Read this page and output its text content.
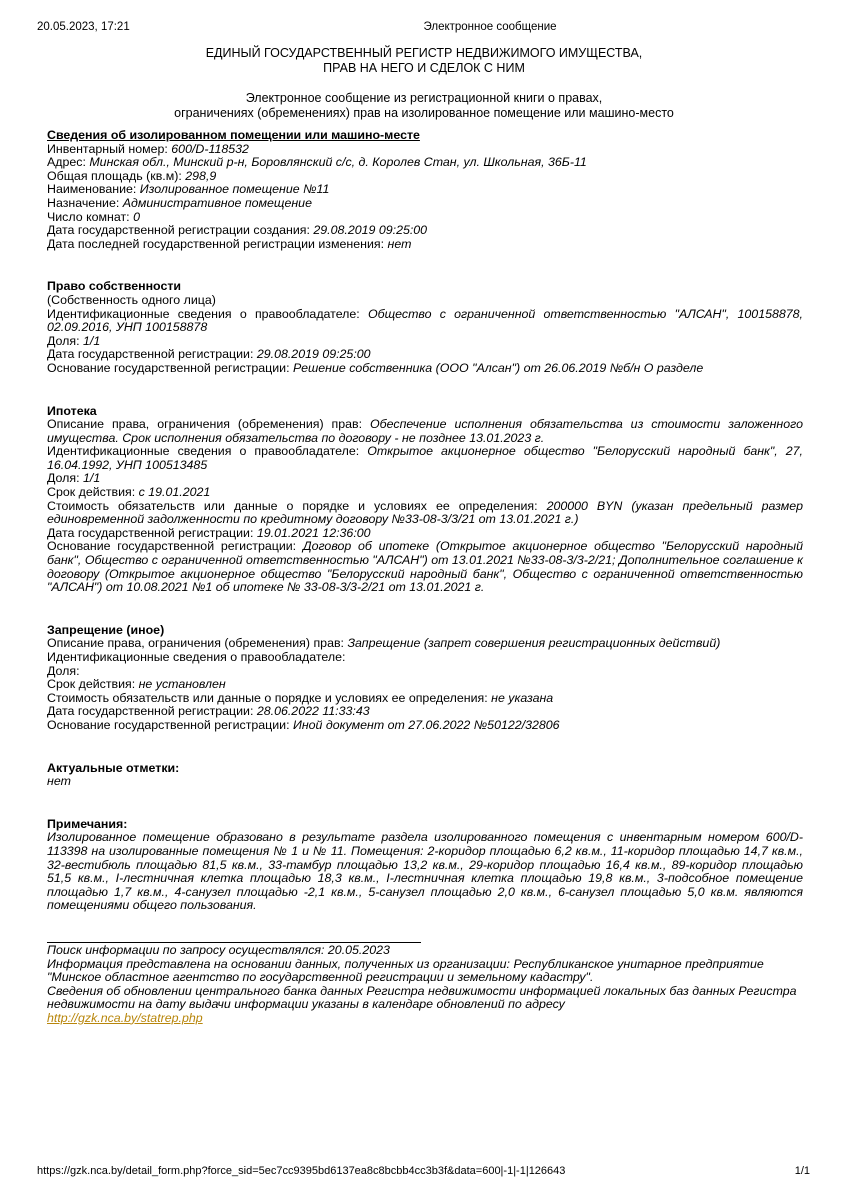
20.05.2023, 17:21	Электронное сообщение
ЕДИНЫЙ ГОСУДАРСТВЕННЫЙ РЕГИСТР НЕДВИЖИМОГО ИМУЩЕСТВА,
ПРАВ НА НЕГО И СДЕЛОК С НИМ
Электронное сообщение из регистрационной книги о правах,
ограничениях (обременениях) прав на изолированное помещение или машино-место
Сведения об изолированном помещении или машино-месте
Инвентарный номер: 600/D-118532
Адрес: Минская обл., Минский р-н, Боровлянский с/с, д. Королев Стан, ул. Школьная, 36Б-11
Общая площадь (кв.м): 298,9
Наименование: Изолированное помещение №11
Назначение: Административное помещение
Число комнат: 0
Дата государственной регистрации создания: 29.08.2019 09:25:00
Дата последней государственной регистрации изменения: нет
Право собственности
(Собственность одного лица)
Идентификационные сведения о правообладателе: Общество с ограниченной ответственностью "АЛСАН", 100158878, 02.09.2016, УНП 100158878
Доля: 1/1
Дата государственной регистрации: 29.08.2019 09:25:00
Основание государственной регистрации: Решение собственника (ООО "Алсан") от 26.06.2019 №б/н О разделе
Ипотека
Описание права, ограничения (обременения) прав: Обеспечение исполнения обязательства из стоимости заложенного имущества. Срок исполнения обязательства по договору - не позднее 13.01.2023 г.
Идентификационные сведения о правообладателе: Открытое акционерное общество "Белорусский народный банк", 27, 16.04.1992, УНП 100513485
Доля: 1/1
Срок действия: с 19.01.2021
Стоимость обязательств или данные о порядке и условиях ее определения: 200000 BYN (указан предельный размер единовременной задолженности по кредитному договору №33-08-3/3/21 от 13.01.2021 г.)
Дата государственной регистрации: 19.01.2021 12:36:00
Основание государственной регистрации: Договор об ипотеке (Открытое акционерное общество "Белорусский народный банк", Общество с ограниченной ответственностью "АЛСАН") от 13.01.2021 №33-08-3/3-2/21; Дополнительное соглашение к договору (Открытое акционерное общество "Белорусский народный банк", Общество с ограниченной ответственностью "АЛСАН") от 10.08.2021 №1 об ипотеке № 33-08-3/3-2/21 от 13.01.2021 г.
Запрещение (иное)
Описание права, ограничения (обременения) прав: Запрещение (запрет совершения регистрационных действий)
Идентификационные сведения о правообладателе:
Доля:
Срок действия: не установлен
Стоимость обязательств или данные о порядке и условиях ее определения: не указана
Дата государственной регистрации: 28.06.2022 11:33:43
Основание государственной регистрации: Иной документ от 27.06.2022 №50122/32806
Актуальные отметки:
нет
Примечания:
Изолированное помещение образовано в результате раздела изолированного помещения с инвентарным номером 600/D-113398 на изолированные помещения № 1 и № 11. Помещения: 2-коридор площадью 6,2 кв.м., 11-коридор площадью 14,7 кв.м., 32-вестибюль площадью 81,5 кв.м., 33-тамбур площадью 13,2 кв.м., 29-коридор площадью 16,4 кв.м., 89-коридор площадью 51,5 кв.м., I-лестничная клетка площадью 18,3 кв.м., I-лестничная клетка площадью 19,8 кв.м., 3-подсобное помещение площадью 1,7 кв.м., 4-санузел площадью -2,1 кв.м., 5-санузел площадью 2,0 кв.м., 6-санузел площадью 5,0 кв.м. являются помещениями общего пользования.
Поиск информации по запросу осуществлялся: 20.05.2023
Информация представлена на основании данных, полученных из организации: Республиканское унитарное предприятие "Минское областное агентство по государственной регистрации и земельному кадастру".
Сведения об обновлении центрального банка данных Регистра недвижимости информацией локальных баз данных Регистра недвижимости на дату выдачи информации указаны в календаре обновлений по адресу
http://gzk.nca.by/statrep.php
https://gzk.nca.by/detail_form.php?force_sid=5ec7cc9395bd6137ea8c8bcbb4cc3b3f&data=600|-1|-1|126643	1/1
